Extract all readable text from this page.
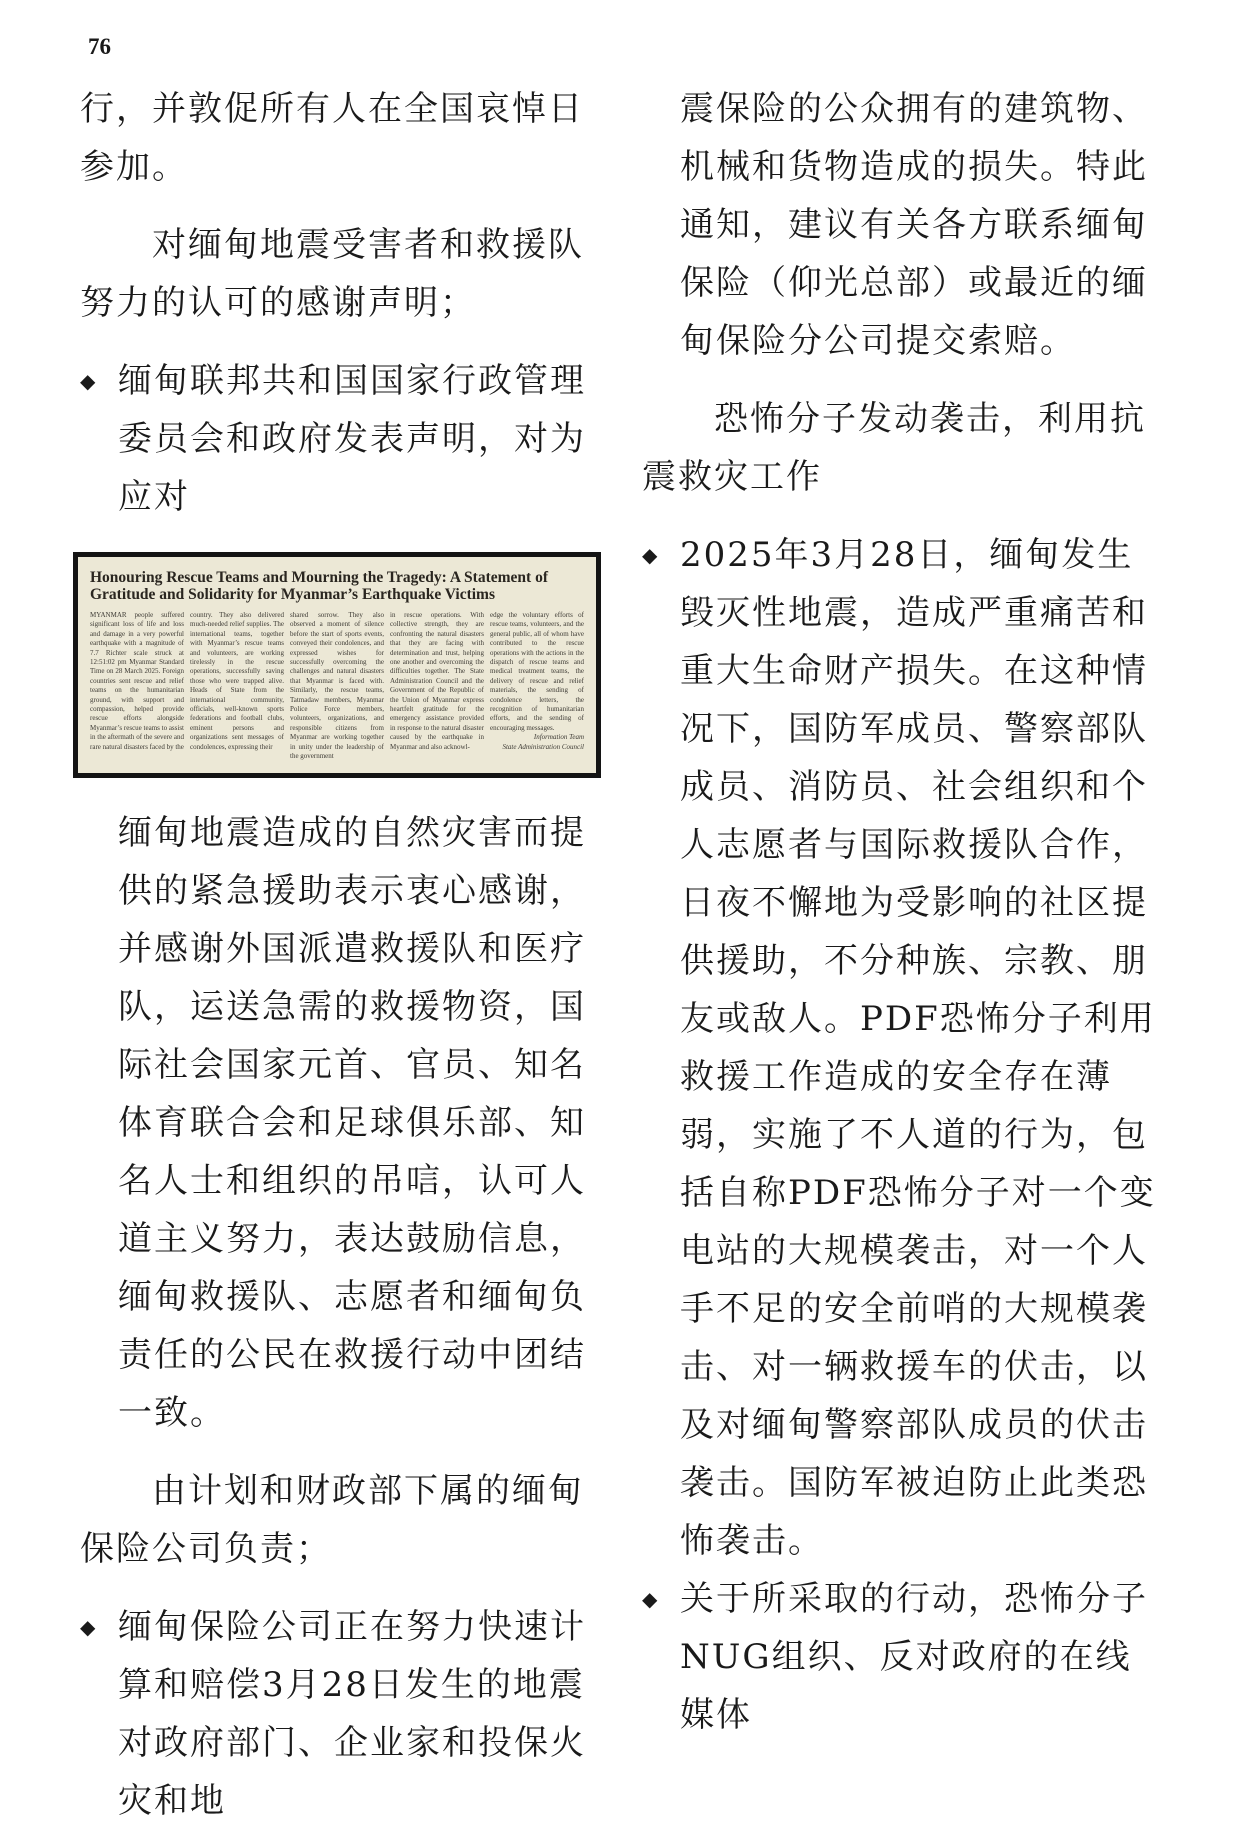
76

行，并敦促所有人在全国哀悼日参加。

对缅甸地震受害者和救援队努力的认可的感谢声明；

◆ 缅甸联邦共和国国家行政管理委员会和政府发表声明，对为应对

Honouring Rescue Teams and Mourning the Tragedy: A Statement of Gratitude and Solidarity for Myanmar’s Earthquake Victims

MYANMAR people suffered significant loss of life and loss and damage in a very powerful earthquake with a magnitude of 7.7 Richter scale struck at 12:51:02 pm Myanmar Standard Time on 28 March 2025. Foreign countries sent rescue and relief teams on the humanitarian ground, with support and compassion, helped provide rescue efforts alongside Myanmar’s rescue teams to assist in the aftermath of the severe and rare natural disasters faced by the

country. They also delivered much-needed relief supplies. The international teams, together with Myanmar’s rescue teams and volunteers, are working tirelessly in the rescue operations, successfully saving those who were trapped alive. Heads of State from the international community, officials, well-known sports federations and football clubs, eminent persons and organizations sent messages of condolences, expressing their

shared sorrow. They also observed a moment of silence before the start of sports events, conveyed their condolences, and expressed wishes for successfully overcoming the challenges and natural disasters that Myanmar is faced with. Similarly, the rescue teams, Tatmadaw members, Myanmar Police Force members, volunteers, organizations, and responsible citizens from Myanmar are working together in unity under the leadership of the government

in rescue operations. With collective strength, they are confronting the natural disasters that they are facing with determination and trust, helping one another and overcoming the difficulties together. The State Administration Council and the Government of the Republic of the Union of Myanmar express heartfelt gratitude for the emergency assistance provided in response to the natural disaster caused by the earthquake in Myanmar and also acknowl-

edge the voluntary efforts of rescue teams, volunteers, and the general public, all of whom have contributed to the rescue operations with the actions in the dispatch of rescue teams and medical treatment teams, the delivery of rescue and relief materials, the sending of condolence letters, the recognition of humanitarian efforts, and the sending of encouraging messages.

Information Team

State Administration Council

缅甸地震造成的自然灾害而提供的紧急援助表示衷心感谢，并感谢外国派遣救援队和医疗队，运送急需的救援物资，国际社会国家元首、官员、知名体育联合会和足球俱乐部、知名人士和组织的吊唁，认可人道主义努力，表达鼓励信息，缅甸救援队、志愿者和缅甸负责任的公民在救援行动中团结一致。

由计划和财政部下属的缅甸保险公司负责；

◆ 缅甸保险公司正在努力快速计算和赔偿3月28日发生的地震对政府部门、企业家和投保火灾和地

震保险的公众拥有的建筑物、机械和货物造成的损失。特此通知，建议有关各方联系缅甸保险（仰光总部）或最近的缅甸保险分公司提交索赔。

恐怖分子发动袭击，利用抗震救灾工作

◆ 2025年3月28日，缅甸发生毁灭性地震，造成严重痛苦和重大生命财产损失。在这种情况下，国防军成员、警察部队成员、消防员、社会组织和个人志愿者与国际救援队合作，日夜不懈地为受影响的社区提供援助，不分种族、宗教、朋友或敌人。PDF恐怖分子利用救援工作造成的安全存在薄弱，实施了不人道的行为，包括自称PDF恐怖分子对一个变电站的大规模袭击，对一个人手不足的安全前哨的大规模袭击、对一辆救援车的伏击，以及对缅甸警察部队成员的伏击袭击。国防军被迫防止此类恐怖袭击。

◆ 关于所采取的行动，恐怖分子NUG组织、反对政府的在线媒体
